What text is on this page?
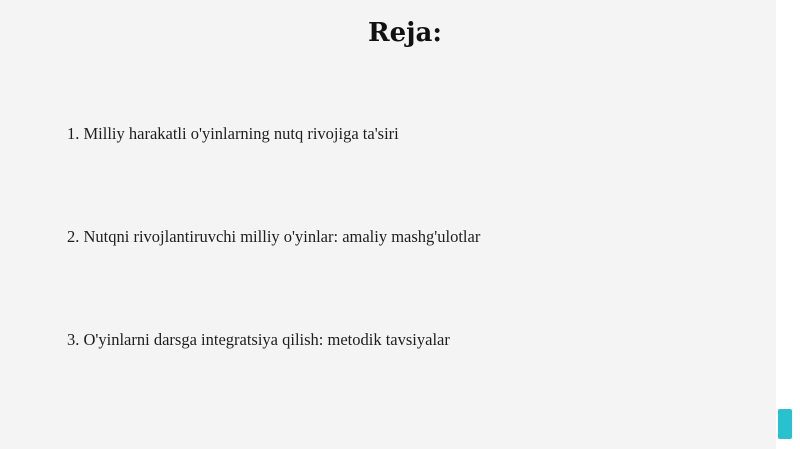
Reja:
1. Milliy harakatli o'yinlarning nutq rivojiga ta'siri
2. Nutqni rivojlantiruvchi milliy o'yinlar: amaliy mashg'ulotlar
3. O'yinlarni darsga integratsiya qilish: metodik tavsiyalar
